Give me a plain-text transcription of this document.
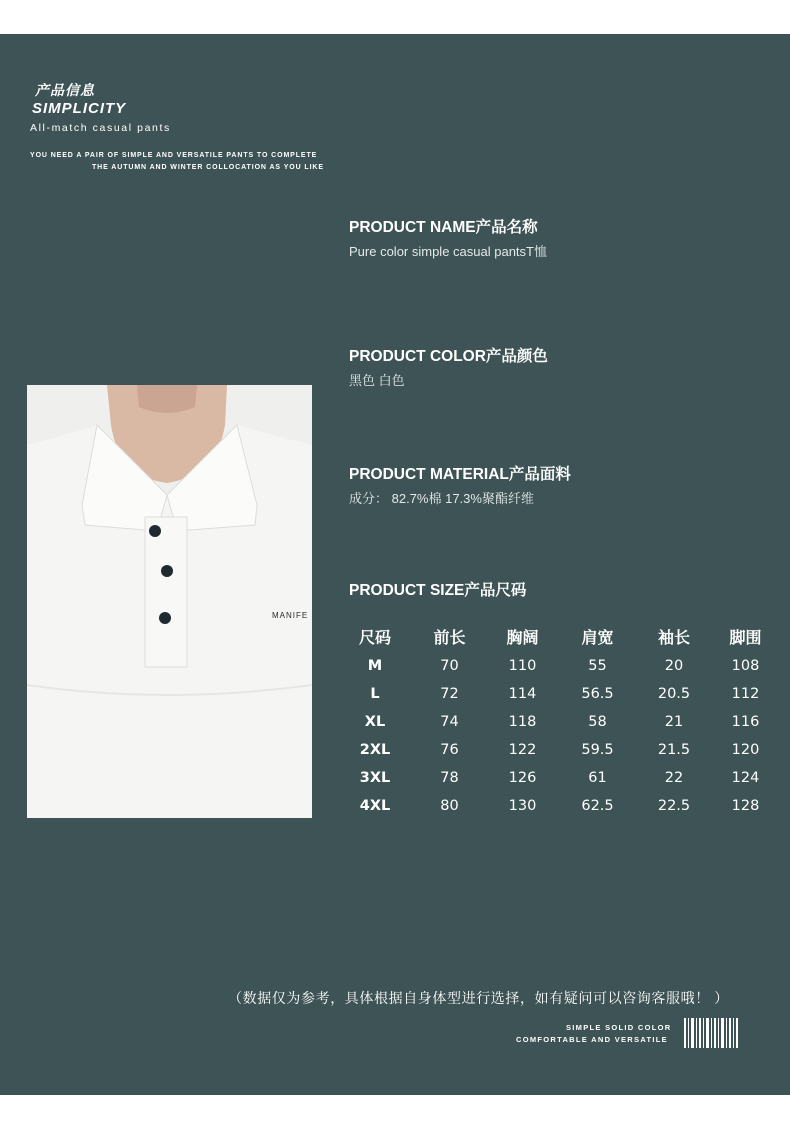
产品信息
SIMPLICITY
All-match casual pants
YOU NEED A PAIR OF SIMPLE AND VERSATILE PANTS TO COMPLETE
THE AUTUMN AND WINTER COLLOCATION AS YOU LIKE
PRODUCT NAME产品名称
Pure color simple casual pantsT恤
PRODUCT COLOR产品颜色
黑色 白色
PRODUCT MATERIAL产品面料
成分： 82.7%棉 17.3%聚酯纤维
PRODUCT SIZE产品尺码
MANIFE
尺码	前长	胸阔	肩宽	袖长	脚围
M	70	110	55	20	108
L	72	114	56.5	20.5	112
XL	74	118	58	21	116
2XL	76	122	59.5	21.5	120
3XL	78	126	61	22	124
4XL	80	130	62.5	22.5	128
（数据仅为参考，具体根据自身体型进行选择，如有疑问可以咨询客服哦！ ）
SIMPLE SOLID COLOR
COMFORTABLE AND VERSATILE
